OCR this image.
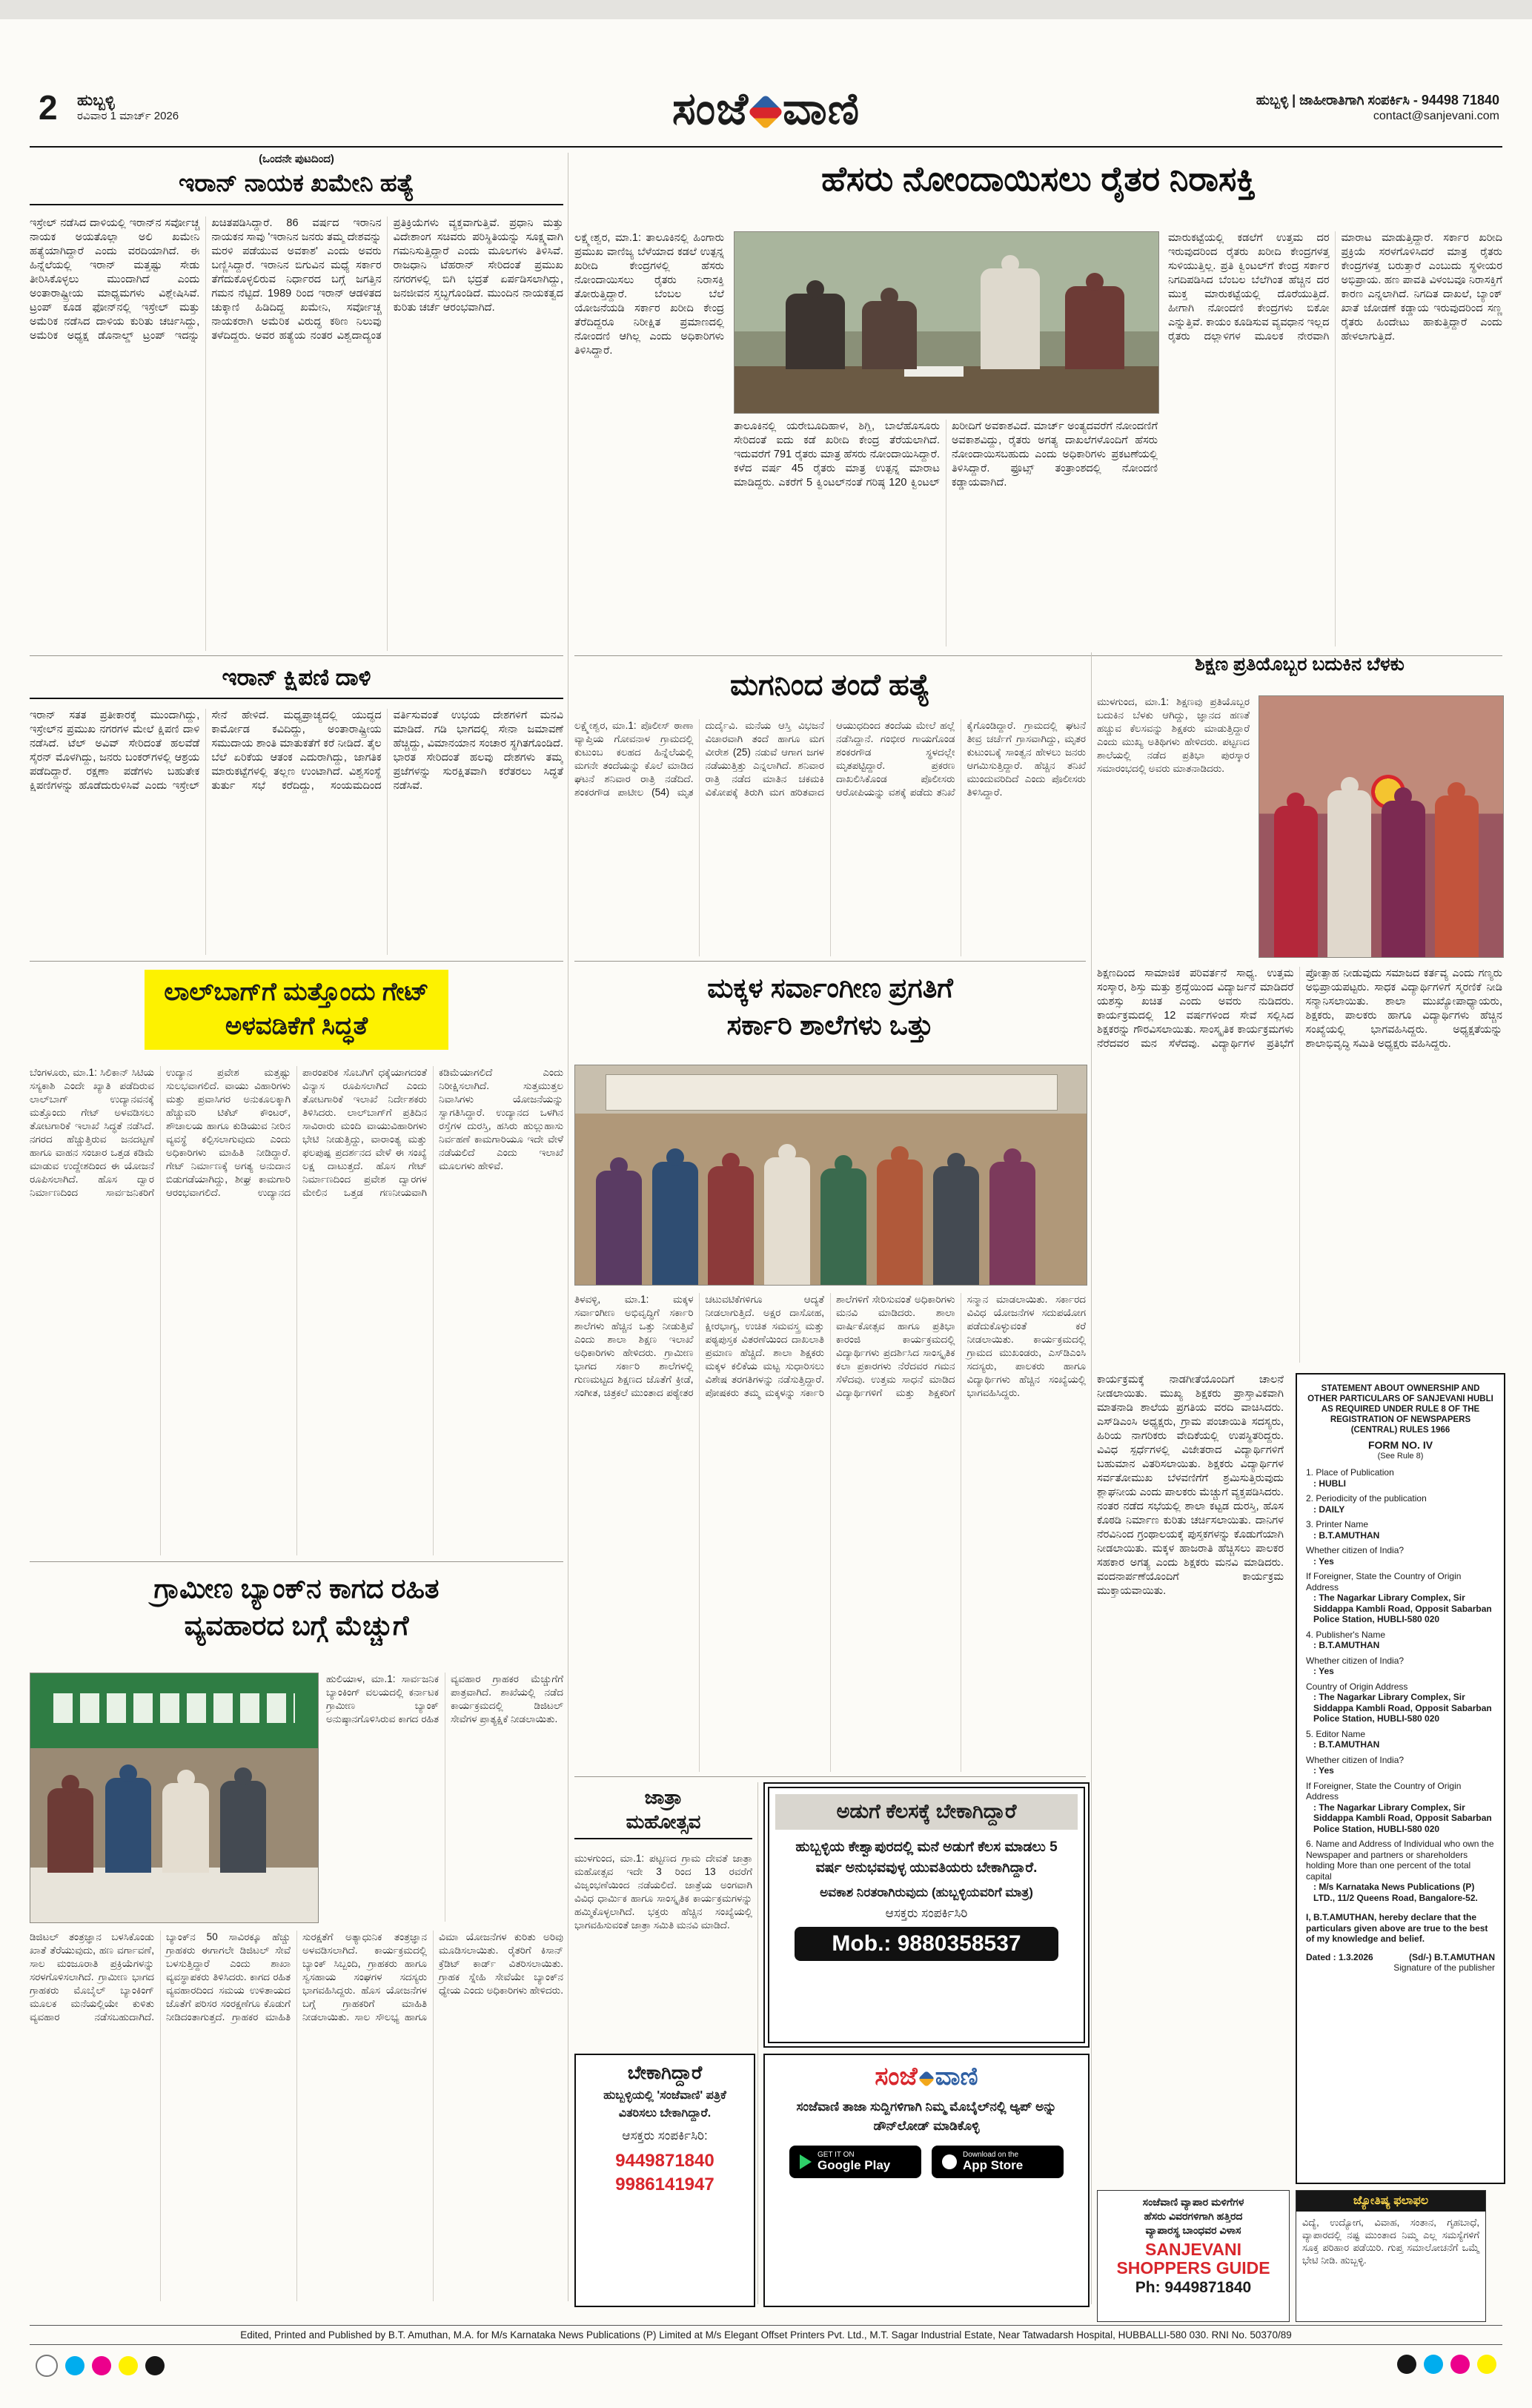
2 ಹುಬ್ಬಳ್ಳಿ
ರವಿವಾರ 1 ಮಾರ್ಚ್ 2026	ಸಂಜೆ ವಾಣಿ	ಹುಬ್ಬಳ್ಳಿ | ಜಾಹೀರಾತಿಗಾಗಿ ಸಂಪರ್ಕಿಸಿ - 94498 71840
contact@sanjevani.com
(ಒಂದನೇ ಪುಟದಿಂದ)
ಇರಾನ್ ನಾಯಕ ಖಮೇನಿ ಹತ್ಯೆ
ಇಸ್ರೇಲ್ ನಡೆಸಿದ ದಾಳಿಯಲ್ಲಿ ಇರಾನ್‌ನ ಸರ್ವೋಚ್ಚ ನಾಯಕ ಅಯತೊಲ್ಲಾ ಅಲಿ ಖಮೇನಿ ಹತ್ಯೆಯಾಗಿದ್ದಾರೆ ಎಂದು ವರದಿಯಾಗಿದೆ. ಈ ಹಿನ್ನೆಲೆಯಲ್ಲಿ ಇರಾನ್ ಮತ್ತಷ್ಟು ಸೇಡು ತೀರಿಸಿಕೊಳ್ಳಲು ಮುಂದಾಗಿದೆ ಎಂದು ಅಂತಾರಾಷ್ಟ್ರೀಯ ಮಾಧ್ಯಮಗಳು ವಿಶ್ಲೇಷಿಸಿವೆ. ಟ್ರಂಪ್ ಕೂಡ ಫೋನ್‌ನಲ್ಲಿ ಇಸ್ರೇಲ್ ಮತ್ತು ಅಮೆರಿಕ ನಡೆಸಿದ ದಾಳಿಯ ಕುರಿತು ಚರ್ಚಿಸಿದ್ದು, ಅಮೆರಿಕ ಅಧ್ಯಕ್ಷ ಡೊನಾಲ್ಡ್ ಟ್ರಂಪ್ ಇದನ್ನು ಖಚಿತಪಡಿಸಿದ್ದಾರೆ. 86 ವರ್ಷದ ಇರಾನಿನ ನಾಯಕನ ಸಾವು 'ಇರಾನಿನ ಜನರು ತಮ್ಮ ದೇಶವನ್ನು ಮರಳಿ ಪಡೆಯುವ ಅವಕಾಶ' ಎಂದು ಅವರು ಬಣ್ಣಿಸಿದ್ದಾರೆ. ಇರಾನಿನ ಬಿಗುವಿನ ಮಧ್ಯೆ ಸರ್ಕಾರ ತೆಗೆದುಕೊಳ್ಳಲಿರುವ ನಿರ್ಧಾರದ ಬಗ್ಗೆ ಜಗತ್ತಿನ ಗಮನ ನೆಟ್ಟಿದೆ. 1989 ರಿಂದ ಇರಾನ್ ಆಡಳಿತದ ಚುಕ್ಕಾಣಿ ಹಿಡಿದಿದ್ದ ಖಮೇನಿ, ಸರ್ವೋಚ್ಚ ನಾಯಕರಾಗಿ ಅಮೆರಿಕ ವಿರುದ್ಧ ಕಠಿಣ ನಿಲುವು ತಳೆದಿದ್ದರು. ಅವರ ಹತ್ಯೆಯ ನಂತರ ವಿಶ್ವದಾದ್ಯಂತ ಪ್ರತಿಕ್ರಿಯೆಗಳು ವ್ಯಕ್ತವಾಗುತ್ತಿವೆ. ಪ್ರಧಾನಿ ಮತ್ತು ವಿದೇಶಾಂಗ ಸಚಿವರು ಪರಿಸ್ಥಿತಿಯನ್ನು ಸೂಕ್ಷ್ಮವಾಗಿ ಗಮನಿಸುತ್ತಿದ್ದಾರೆ ಎಂದು ಮೂಲಗಳು ತಿಳಿಸಿವೆ. ರಾಜಧಾನಿ ಟೆಹರಾನ್ ಸೇರಿದಂತೆ ಪ್ರಮುಖ ನಗರಗಳಲ್ಲಿ ಬಿಗಿ ಭದ್ರತೆ ಏರ್ಪಡಿಸಲಾಗಿದ್ದು, ಜನಜೀವನ ಸ್ತಬ್ಧಗೊಂಡಿದೆ. ಮುಂದಿನ ನಾಯಕತ್ವದ ಕುರಿತು ಚರ್ಚೆ ಆರಂಭವಾಗಿದೆ.
ಹೆಸರು ನೋಂದಾಯಿಸಲು ರೈತರ ನಿರಾಸಕ್ತಿ
ಲಕ್ಷ್ಮೇಶ್ವರ, ಮಾ.1: ತಾಲೂಕಿನಲ್ಲಿ ಹಿಂಗಾರು ಪ್ರಮುಖ ವಾಣಿಜ್ಯ ಬೆಳೆಯಾದ ಕಡಲೆ ಉತ್ಪನ್ನ ಖರೀದಿ ಕೇಂದ್ರಗಳಲ್ಲಿ ಹೆಸರು ನೋಂದಾಯಿಸಲು ರೈತರು ನಿರಾಸಕ್ತಿ ತೋರುತ್ತಿದ್ದಾರೆ. ಬೆಂಬಲ ಬೆಲೆ ಯೋಜನೆಯಡಿ ಸರ್ಕಾರ ಖರೀದಿ ಕೇಂದ್ರ ತೆರೆದಿದ್ದರೂ ನಿರೀಕ್ಷಿತ ಪ್ರಮಾಣದಲ್ಲಿ ನೋಂದಣಿ ಆಗಿಲ್ಲ ಎಂದು ಅಧಿಕಾರಿಗಳು ತಿಳಿಸಿದ್ದಾರೆ.
ತಾಲೂಕಿನಲ್ಲಿ ಯರೇಬೂದಿಹಾಳ, ಶಿಗ್ಲಿ, ಬಾಲೆಹೊಸೂರು ಸೇರಿದಂತೆ ಐದು ಕಡೆ ಖರೀದಿ ಕೇಂದ್ರ ತೆರೆಯಲಾಗಿದೆ. ಇದುವರೆಗೆ 791 ರೈತರು ಮಾತ್ರ ಹೆಸರು ನೋಂದಾಯಿಸಿದ್ದಾರೆ. ಕಳೆದ ವರ್ಷ 45 ರೈತರು ಮಾತ್ರ ಉತ್ಪನ್ನ ಮಾರಾಟ ಮಾಡಿದ್ದರು. ಎಕರೆಗೆ 5 ಕ್ವಿಂಟಲ್‌ನಂತೆ ಗರಿಷ್ಠ 120 ಕ್ವಿಂಟಲ್ ಖರೀದಿಗೆ ಅವಕಾಶವಿದೆ. ಮಾರ್ಚ್ ಅಂತ್ಯದವರೆಗೆ ನೋಂದಣಿಗೆ ಅವಕಾಶವಿದ್ದು, ರೈತರು ಅಗತ್ಯ ದಾಖಲೆಗಳೊಂದಿಗೆ ಹೆಸರು ನೋಂದಾಯಿಸಬಹುದು ಎಂದು ಅಧಿಕಾರಿಗಳು ಪ್ರಕಟಣೆಯಲ್ಲಿ ತಿಳಿಸಿದ್ದಾರೆ. ಫ್ರೂಟ್ಸ್ ತಂತ್ರಾಂಶದಲ್ಲಿ ನೋಂದಣಿ ಕಡ್ಡಾಯವಾಗಿದೆ.
ಮಾರುಕಟ್ಟೆಯಲ್ಲಿ ಕಡಲೆಗೆ ಉತ್ತಮ ದರ ಇರುವುದರಿಂದ ರೈತರು ಖರೀದಿ ಕೇಂದ್ರಗಳತ್ತ ಸುಳಿಯುತ್ತಿಲ್ಲ. ಪ್ರತಿ ಕ್ವಿಂಟಲ್‌ಗೆ ಕೇಂದ್ರ ಸರ್ಕಾರ ನಿಗದಿಪಡಿಸಿದ ಬೆಂಬಲ ಬೆಲೆಗಿಂತ ಹೆಚ್ಚಿನ ದರ ಮುಕ್ತ ಮಾರುಕಟ್ಟೆಯಲ್ಲಿ ದೊರೆಯುತ್ತಿದೆ. ಹೀಗಾಗಿ ನೋಂದಣಿ ಕೇಂದ್ರಗಳು ಬಿಕೋ ಎನ್ನುತ್ತಿವೆ. ಕಾಯಂ ಕೂಡಿಸುವ ವ್ಯವಧಾನ ಇಲ್ಲದ ರೈತರು ದಲ್ಲಾಳಿಗಳ ಮೂಲಕ ನೇರವಾಗಿ ಮಾರಾಟ ಮಾಡುತ್ತಿದ್ದಾರೆ. ಸರ್ಕಾರ ಖರೀದಿ ಪ್ರಕ್ರಿಯೆ ಸರಳಗೊಳಿಸಿದರೆ ಮಾತ್ರ ರೈತರು ಕೇಂದ್ರಗಳತ್ತ ಬರುತ್ತಾರೆ ಎಂಬುದು ಸ್ಥಳೀಯರ ಅಭಿಪ್ರಾಯ. ಹಣ ಪಾವತಿ ವಿಳಂಬವೂ ನಿರಾಸಕ್ತಿಗೆ ಕಾರಣ ಎನ್ನಲಾಗಿದೆ. ನಿಗದಿತ ದಾಖಲೆ, ಬ್ಯಾಂಕ್ ಖಾತೆ ಜೋಡಣೆ ಕಡ್ಡಾಯ ಇರುವುದರಿಂದ ಸಣ್ಣ ರೈತರು ಹಿಂದೇಟು ಹಾಕುತ್ತಿದ್ದಾರೆ ಎಂದು ಹೇಳಲಾಗುತ್ತಿದೆ.
ಇರಾನ್ ಕ್ಷಿಪಣಿ ದಾಳಿ
ಇರಾನ್ ಸತತ ಪ್ರತೀಕಾರಕ್ಕೆ ಮುಂದಾಗಿದ್ದು, ಇಸ್ರೇಲ್‌ನ ಪ್ರಮುಖ ನಗರಗಳ ಮೇಲೆ ಕ್ಷಿಪಣಿ ದಾಳಿ ನಡೆಸಿದೆ. ಟೆಲ್ ಅವಿವ್ ಸೇರಿದಂತೆ ಹಲವೆಡೆ ಸೈರನ್ ಮೊಳಗಿದ್ದು, ಜನರು ಬಂಕರ್‌ಗಳಲ್ಲಿ ಆಶ್ರಯ ಪಡೆದಿದ್ದಾರೆ. ರಕ್ಷಣಾ ಪಡೆಗಳು ಬಹುತೇಕ ಕ್ಷಿಪಣಿಗಳನ್ನು ಹೊಡೆದುರುಳಿಸಿವೆ ಎಂದು ಇಸ್ರೇಲ್ ಸೇನೆ ಹೇಳಿದೆ. ಮಧ್ಯಪ್ರಾಚ್ಯದಲ್ಲಿ ಯುದ್ಧದ ಕಾರ್ಮೋಡ ಕವಿದಿದ್ದು, ಅಂತಾರಾಷ್ಟ್ರೀಯ ಸಮುದಾಯ ಶಾಂತಿ ಮಾತುಕತೆಗೆ ಕರೆ ನೀಡಿದೆ. ತೈಲ ಬೆಲೆ ಏರಿಕೆಯ ಆತಂಕ ಎದುರಾಗಿದ್ದು, ಜಾಗತಿಕ ಮಾರುಕಟ್ಟೆಗಳಲ್ಲಿ ತಲ್ಲಣ ಉಂಟಾಗಿದೆ. ವಿಶ್ವಸಂಸ್ಥೆ ತುರ್ತು ಸಭೆ ಕರೆದಿದ್ದು, ಸಂಯಮದಿಂದ ವರ್ತಿಸುವಂತೆ ಉಭಯ ದೇಶಗಳಿಗೆ ಮನವಿ ಮಾಡಿದೆ. ಗಡಿ ಭಾಗದಲ್ಲಿ ಸೇನಾ ಜಮಾವಣೆ ಹೆಚ್ಚಿದ್ದು, ವಿಮಾನಯಾನ ಸಂಚಾರ ಸ್ಥಗಿತಗೊಂಡಿದೆ. ಭಾರತ ಸೇರಿದಂತೆ ಹಲವು ದೇಶಗಳು ತಮ್ಮ ಪ್ರಜೆಗಳನ್ನು ಸುರಕ್ಷಿತವಾಗಿ ಕರೆತರಲು ಸಿದ್ಧತೆ ನಡೆಸಿವೆ.
ಮಗನಿಂದ ತಂದೆ ಹತ್ಯೆ
ಲಕ್ಷ್ಮೇಶ್ವರ, ಮಾ.1: ಪೊಲೀಸ್ ಠಾಣಾ ವ್ಯಾಪ್ತಿಯ ಗೋವನಾಳ ಗ್ರಾಮದಲ್ಲಿ ಕುಟುಂಬ ಕಲಹದ ಹಿನ್ನೆಲೆಯಲ್ಲಿ ಮಗನೇ ತಂದೆಯನ್ನು ಕೊಲೆ ಮಾಡಿದ ಘಟನೆ ಶನಿವಾರ ರಾತ್ರಿ ನಡೆದಿದೆ. ಶಂಕರಗೌಡ ಪಾಟೀಲ (54) ಮೃತ ದುರ್ದೈವಿ. ಮನೆಯ ಆಸ್ತಿ ವಿಭಜನೆ ವಿಚಾರವಾಗಿ ತಂದೆ ಹಾಗೂ ಮಗ ವೀರೇಶ (25) ನಡುವೆ ಆಗಾಗ ಜಗಳ ನಡೆಯುತ್ತಿತ್ತು ಎನ್ನಲಾಗಿದೆ. ಶನಿವಾರ ರಾತ್ರಿ ನಡೆದ ಮಾತಿನ ಚಕಮಕಿ ವಿಕೋಪಕ್ಕೆ ತಿರುಗಿ ಮಗ ಹರಿತವಾದ ಆಯುಧದಿಂದ ತಂದೆಯ ಮೇಲೆ ಹಲ್ಲೆ ನಡೆಸಿದ್ದಾನೆ. ಗಂಭೀರ ಗಾಯಗೊಂಡ ಶಂಕರಗೌಡ ಸ್ಥಳದಲ್ಲೇ ಮೃತಪಟ್ಟಿದ್ದಾರೆ. ಪ್ರಕರಣ ದಾಖಲಿಸಿಕೊಂಡ ಪೊಲೀಸರು ಆರೋಪಿಯನ್ನು ವಶಕ್ಕೆ ಪಡೆದು ತನಿಖೆ ಕೈಗೊಂಡಿದ್ದಾರೆ. ಗ್ರಾಮದಲ್ಲಿ ಘಟನೆ ತೀವ್ರ ಚರ್ಚೆಗೆ ಗ್ರಾಸವಾಗಿದ್ದು, ಮೃತರ ಕುಟುಂಬಕ್ಕೆ ಸಾಂತ್ವನ ಹೇಳಲು ಜನರು ಆಗಮಿಸುತ್ತಿದ್ದಾರೆ. ಹೆಚ್ಚಿನ ತನಿಖೆ ಮುಂದುವರಿದಿದೆ ಎಂದು ಪೊಲೀಸರು ತಿಳಿಸಿದ್ದಾರೆ.
ಶಿಕ್ಷಣ ಪ್ರತಿಯೊಬ್ಬರ ಬದುಕಿನ ಬೆಳಕು
ಮುಳಗುಂದ, ಮಾ.1: ಶಿಕ್ಷಣವು ಪ್ರತಿಯೊಬ್ಬರ ಬದುಕಿನ ಬೆಳಕು ಆಗಿದ್ದು, ಜ್ಞಾನದ ಹಣತೆ ಹಚ್ಚುವ ಕೆಲಸವನ್ನು ಶಿಕ್ಷಕರು ಮಾಡುತ್ತಿದ್ದಾರೆ ಎಂದು ಮುಖ್ಯ ಅತಿಥಿಗಳು ಹೇಳಿದರು. ಪಟ್ಟಣದ ಶಾಲೆಯಲ್ಲಿ ನಡೆದ ಪ್ರತಿಭಾ ಪುರಸ್ಕಾರ ಸಮಾರಂಭದಲ್ಲಿ ಅವರು ಮಾತನಾಡಿದರು.
ಶಿಕ್ಷಣದಿಂದ ಸಾಮಾಜಿಕ ಪರಿವರ್ತನೆ ಸಾಧ್ಯ. ಉತ್ತಮ ಸಂಸ್ಕಾರ, ಶಿಸ್ತು ಮತ್ತು ಶ್ರದ್ಧೆಯಿಂದ ವಿದ್ಯಾರ್ಜನೆ ಮಾಡಿದರೆ ಯಶಸ್ಸು ಖಚಿತ ಎಂದು ಅವರು ನುಡಿದರು. ಕಾರ್ಯಕ್ರಮದಲ್ಲಿ 12 ವರ್ಷಗಳಿಂದ ಸೇವೆ ಸಲ್ಲಿಸಿದ ಶಿಕ್ಷಕರನ್ನು ಗೌರವಿಸಲಾಯಿತು. ಸಾಂಸ್ಕೃತಿಕ ಕಾರ್ಯಕ್ರಮಗಳು ನೆರೆದವರ ಮನ ಸೆಳೆದವು. ವಿದ್ಯಾರ್ಥಿಗಳ ಪ್ರತಿಭೆಗೆ ಪ್ರೋತ್ಸಾಹ ನೀಡುವುದು ಸಮಾಜದ ಕರ್ತವ್ಯ ಎಂದು ಗಣ್ಯರು ಅಭಿಪ್ರಾಯಪಟ್ಟರು. ಸಾಧಕ ವಿದ್ಯಾರ್ಥಿಗಳಿಗೆ ಸ್ಮರಣಿಕೆ ನೀಡಿ ಸನ್ಮಾನಿಸಲಾಯಿತು. ಶಾಲಾ ಮುಖ್ಯೋಪಾಧ್ಯಾಯರು, ಶಿಕ್ಷಕರು, ಪಾಲಕರು ಹಾಗೂ ವಿದ್ಯಾರ್ಥಿಗಳು ಹೆಚ್ಚಿನ ಸಂಖ್ಯೆಯಲ್ಲಿ ಭಾಗವಹಿಸಿದ್ದರು. ಅಧ್ಯಕ್ಷತೆಯನ್ನು ಶಾಲಾಭಿವೃದ್ಧಿ ಸಮಿತಿ ಅಧ್ಯಕ್ಷರು ವಹಿಸಿದ್ದರು.
ಕಾರ್ಯಕ್ರಮಕ್ಕೆ ನಾಡಗೀತೆಯೊಂದಿಗೆ ಚಾಲನೆ ನೀಡಲಾಯಿತು. ಮುಖ್ಯ ಶಿಕ್ಷಕರು ಪ್ರಾಸ್ತಾವಿಕವಾಗಿ ಮಾತನಾಡಿ ಶಾಲೆಯ ಪ್ರಗತಿಯ ವರದಿ ವಾಚಿಸಿದರು. ಎಸ್‌ಡಿಎಂಸಿ ಅಧ್ಯಕ್ಷರು, ಗ್ರಾಮ ಪಂಚಾಯಿತಿ ಸದಸ್ಯರು, ಹಿರಿಯ ನಾಗರಿಕರು ವೇದಿಕೆಯಲ್ಲಿ ಉಪಸ್ಥಿತರಿದ್ದರು. ವಿವಿಧ ಸ್ಪರ್ಧೆಗಳಲ್ಲಿ ವಿಜೇತರಾದ ವಿದ್ಯಾರ್ಥಿಗಳಿಗೆ ಬಹುಮಾನ ವಿತರಿಸಲಾಯಿತು. ಶಿಕ್ಷಕರು ವಿದ್ಯಾರ್ಥಿಗಳ ಸರ್ವತೋಮುಖ ಬೆಳವಣಿಗೆಗೆ ಶ್ರಮಿಸುತ್ತಿರುವುದು ಶ್ಲಾಘನೀಯ ಎಂದು ಪಾಲಕರು ಮೆಚ್ಚುಗೆ ವ್ಯಕ್ತಪಡಿಸಿದರು. ನಂತರ ನಡೆದ ಸಭೆಯಲ್ಲಿ ಶಾಲಾ ಕಟ್ಟಡ ದುರಸ್ತಿ, ಹೊಸ ಕೊಠಡಿ ನಿರ್ಮಾಣ ಕುರಿತು ಚರ್ಚಿಸಲಾಯಿತು. ದಾನಿಗಳ ನೆರವಿನಿಂದ ಗ್ರಂಥಾಲಯಕ್ಕೆ ಪುಸ್ತಕಗಳನ್ನು ಕೊಡುಗೆಯಾಗಿ ನೀಡಲಾಯಿತು. ಮಕ್ಕಳ ಹಾಜರಾತಿ ಹೆಚ್ಚಿಸಲು ಪಾಲಕರ ಸಹಕಾರ ಅಗತ್ಯ ಎಂದು ಶಿಕ್ಷಕರು ಮನವಿ ಮಾಡಿದರು. ವಂದನಾರ್ಪಣೆಯೊಂದಿಗೆ ಕಾರ್ಯಕ್ರಮ ಮುಕ್ತಾಯವಾಯಿತು.
STATEMENT ABOUT OWNERSHIP AND OTHER PARTICULARS OF SANJEVANI HUBLI AS REQUIRED UNDER RULE 8 OF THE REGISTRATION OF NEWSPAPERS (CENTRAL) RULES 1966
FORM NO. IV
(See Rule 8)
1. Place of Publication
: HUBLI
2. Periodicity of the publication
: DAILY
3. Printer Name
: B.T.AMUTHAN
Whether citizen of India?
: Yes
If Foreigner, State the Country of Origin Address
: The Nagarkar Library Complex, Sir Siddappa Kambli Road, Opposit Sabarban Police Station, HUBLI-580 020
4. Publisher's Name
: B.T.AMUTHAN
Whether citizen of India?
: Yes
Country of Origin Address
: The Nagarkar Library Complex, Sir Siddappa Kambli Road, Opposit Sabarban Police Station, HUBLI-580 020
5. Editor Name
: B.T.AMUTHAN
Whether citizen of India?
: Yes
If Foreigner, State the Country of Origin Address
: The Nagarkar Library Complex, Sir Siddappa Kambli Road, Opposit Sabarban Police Station, HUBLI-580 020
6. Name and Address of Individual who own the Newspaper and partners or shareholders holding More than one percent of the total capital
: M/s Karnataka News Publications (P) LTD., 11/2 Queens Road, Bangalore-52.
I, B.T.AMUTHAN, hereby declare that the particulars given above are true to the best of my knowledge and belief.
Dated : 1.3.2026	(Sd/-) B.T.AMUTHAN
Signature of the publisher
ಲಾಲ್‌ಬಾಗ್‌ಗೆ ಮತ್ತೊಂದು ಗೇಟ್
ಅಳವಡಿಕೆಗೆ ಸಿದ್ಧತೆ
ಬೆಂಗಳೂರು, ಮಾ.1: ಸಿಲಿಕಾನ್ ಸಿಟಿಯ ಸಸ್ಯಕಾಶಿ ಎಂದೇ ಖ್ಯಾತಿ ಪಡೆದಿರುವ ಲಾಲ್‌ಬಾಗ್ ಉದ್ಯಾನವನಕ್ಕೆ ಮತ್ತೊಂದು ಗೇಟ್ ಅಳವಡಿಸಲು ತೋಟಗಾರಿಕೆ ಇಲಾಖೆ ಸಿದ್ಧತೆ ನಡೆಸಿದೆ. ನಗರದ ಹೆಚ್ಚುತ್ತಿರುವ ಜನದಟ್ಟಣೆ ಹಾಗೂ ವಾಹನ ಸಂಚಾರ ಒತ್ತಡ ಕಡಿಮೆ ಮಾಡುವ ಉದ್ದೇಶದಿಂದ ಈ ಯೋಜನೆ ರೂಪಿಸಲಾಗಿದೆ. ಹೊಸ ದ್ವಾರ ನಿರ್ಮಾಣದಿಂದ ಸಾರ್ವಜನಿಕರಿಗೆ ಉದ್ಯಾನ ಪ್ರವೇಶ ಮತ್ತಷ್ಟು ಸುಲಭವಾಗಲಿದೆ. ವಾಯು ವಿಹಾರಿಗಳು ಮತ್ತು ಪ್ರವಾಸಿಗರ ಅನುಕೂಲಕ್ಕಾಗಿ ಹೆಚ್ಚುವರಿ ಟಿಕೆಟ್ ಕೌಂಟರ್, ಶೌಚಾಲಯ ಹಾಗೂ ಕುಡಿಯುವ ನೀರಿನ ವ್ಯವಸ್ಥೆ ಕಲ್ಪಿಸಲಾಗುವುದು ಎಂದು ಅಧಿಕಾರಿಗಳು ಮಾಹಿತಿ ನೀಡಿದ್ದಾರೆ. ಗೇಟ್ ನಿರ್ಮಾಣಕ್ಕೆ ಅಗತ್ಯ ಅನುದಾನ ಬಿಡುಗಡೆಯಾಗಿದ್ದು, ಶೀಘ್ರ ಕಾಮಗಾರಿ ಆರಂಭವಾಗಲಿದೆ. ಉದ್ಯಾನದ ಪಾರಂಪರಿಕ ಸೊಬಗಿಗೆ ಧಕ್ಕೆಯಾಗದಂತೆ ವಿನ್ಯಾಸ ರೂಪಿಸಲಾಗಿದೆ ಎಂದು ತೋಟಗಾರಿಕೆ ಇಲಾಖೆ ನಿರ್ದೇಶಕರು ತಿಳಿಸಿದರು. ಲಾಲ್‌ಬಾಗ್‌ಗೆ ಪ್ರತಿದಿನ ಸಾವಿರಾರು ಮಂದಿ ವಾಯುವಿಹಾರಿಗಳು ಭೇಟಿ ನೀಡುತ್ತಿದ್ದು, ವಾರಾಂತ್ಯ ಮತ್ತು ಫಲಪುಷ್ಪ ಪ್ರದರ್ಶನದ ವೇಳೆ ಈ ಸಂಖ್ಯೆ ಲಕ್ಷ ದಾಟುತ್ತದೆ. ಹೊಸ ಗೇಟ್ ನಿರ್ಮಾಣದಿಂದ ಪ್ರವೇಶ ದ್ವಾರಗಳ ಮೇಲಿನ ಒತ್ತಡ ಗಣನೀಯವಾಗಿ ಕಡಿಮೆಯಾಗಲಿದೆ ಎಂದು ನಿರೀಕ್ಷಿಸಲಾಗಿದೆ. ಸುತ್ತಮುತ್ತಲ ನಿವಾಸಿಗಳು ಯೋಜನೆಯನ್ನು ಸ್ವಾಗತಿಸಿದ್ದಾರೆ. ಉದ್ಯಾನದ ಒಳಗಿನ ರಸ್ತೆಗಳ ದುರಸ್ತಿ, ಹಸಿರು ಹುಲ್ಲುಹಾಸು ನಿರ್ವಹಣೆ ಕಾಮಗಾರಿಯೂ ಇದೇ ವೇಳೆ ನಡೆಯಲಿದೆ ಎಂದು ಇಲಾಖೆ ಮೂಲಗಳು ಹೇಳಿವೆ.
ಮಕ್ಕಳ ಸರ್ವಾಂಗೀಣ ಪ್ರಗತಿಗೆ
ಸರ್ಕಾರಿ ಶಾಲೆಗಳು ಒತ್ತು
ತಿಳವಳ್ಳಿ, ಮಾ.1: ಮಕ್ಕಳ ಸರ್ವಾಂಗೀಣ ಅಭಿವೃದ್ಧಿಗೆ ಸರ್ಕಾರಿ ಶಾಲೆಗಳು ಹೆಚ್ಚಿನ ಒತ್ತು ನೀಡುತ್ತಿವೆ ಎಂದು ಶಾಲಾ ಶಿಕ್ಷಣ ಇಲಾಖೆ ಅಧಿಕಾರಿಗಳು ಹೇಳಿದರು. ಗ್ರಾಮೀಣ ಭಾಗದ ಸರ್ಕಾರಿ ಶಾಲೆಗಳಲ್ಲಿ ಗುಣಮಟ್ಟದ ಶಿಕ್ಷಣದ ಜೊತೆಗೆ ಕ್ರೀಡೆ, ಸಂಗೀತ, ಚಿತ್ರಕಲೆ ಮುಂತಾದ ಪಠ್ಯೇತರ ಚಟುವಟಿಕೆಗಳಿಗೂ ಆದ್ಯತೆ ನೀಡಲಾಗುತ್ತಿದೆ. ಅಕ್ಷರ ದಾಸೋಹ, ಕ್ಷೀರಭಾಗ್ಯ, ಉಚಿತ ಸಮವಸ್ತ್ರ ಮತ್ತು ಪಠ್ಯಪುಸ್ತಕ ವಿತರಣೆಯಿಂದ ದಾಖಲಾತಿ ಪ್ರಮಾಣ ಹೆಚ್ಚಿದೆ. ಶಾಲಾ ಶಿಕ್ಷಕರು ಮಕ್ಕಳ ಕಲಿಕೆಯ ಮಟ್ಟ ಸುಧಾರಿಸಲು ವಿಶೇಷ ತರಗತಿಗಳನ್ನು ನಡೆಸುತ್ತಿದ್ದಾರೆ. ಪೋಷಕರು ತಮ್ಮ ಮಕ್ಕಳನ್ನು ಸರ್ಕಾರಿ ಶಾಲೆಗಳಿಗೆ ಸೇರಿಸುವಂತೆ ಅಧಿಕಾರಿಗಳು ಮನವಿ ಮಾಡಿದರು. ಶಾಲಾ ವಾರ್ಷಿಕೋತ್ಸವ ಹಾಗೂ ಪ್ರತಿಭಾ ಕಾರಂಜಿ ಕಾರ್ಯಕ್ರಮದಲ್ಲಿ ವಿದ್ಯಾರ್ಥಿಗಳು ಪ್ರದರ್ಶಿಸಿದ ಸಾಂಸ್ಕೃತಿಕ ಕಲಾ ಪ್ರಕಾರಗಳು ನೆರೆದವರ ಗಮನ ಸೆಳೆದವು. ಉತ್ತಮ ಸಾಧನೆ ಮಾಡಿದ ವಿದ್ಯಾರ್ಥಿಗಳಿಗೆ ಮತ್ತು ಶಿಕ್ಷಕರಿಗೆ ಸನ್ಮಾನ ಮಾಡಲಾಯಿತು. ಸರ್ಕಾರದ ವಿವಿಧ ಯೋಜನೆಗಳ ಸದುಪಯೋಗ ಪಡೆದುಕೊಳ್ಳುವಂತೆ ಕರೆ ನೀಡಲಾಯಿತು. ಕಾರ್ಯಕ್ರಮದಲ್ಲಿ ಗ್ರಾಮದ ಮುಖಂಡರು, ಎಸ್‌ಡಿಎಂಸಿ ಸದಸ್ಯರು, ಪಾಲಕರು ಹಾಗೂ ವಿದ್ಯಾರ್ಥಿಗಳು ಹೆಚ್ಚಿನ ಸಂಖ್ಯೆಯಲ್ಲಿ ಭಾಗವಹಿಸಿದ್ದರು.
ಗ್ರಾಮೀಣ ಬ್ಯಾಂಕ್‌ನ ಕಾಗದ ರಹಿತ
ವ್ಯವಹಾರದ ಬಗ್ಗೆ ಮೆಚ್ಚುಗೆ
ಹುಲಿಯಾಳ, ಮಾ.1: ಸಾರ್ವಜನಿಕ ಬ್ಯಾಂಕಿಂಗ್ ವಲಯದಲ್ಲಿ ಕರ್ನಾಟಕ ಗ್ರಾಮೀಣ ಬ್ಯಾಂಕ್ ಅನುಷ್ಠಾನಗೊಳಿಸಿರುವ ಕಾಗದ ರಹಿತ ವ್ಯವಹಾರ ಗ್ರಾಹಕರ ಮೆಚ್ಚುಗೆಗೆ ಪಾತ್ರವಾಗಿದೆ. ಶಾಖೆಯಲ್ಲಿ ನಡೆದ ಕಾರ್ಯಕ್ರಮದಲ್ಲಿ ಡಿಜಿಟಲ್ ಸೇವೆಗಳ ಪ್ರಾತ್ಯಕ್ಷಿಕೆ ನೀಡಲಾಯಿತು.
ಡಿಜಿಟಲ್ ತಂತ್ರಜ್ಞಾನ ಬಳಸಿಕೊಂಡು ಖಾತೆ ತೆರೆಯುವುದು, ಹಣ ವರ್ಗಾವಣೆ, ಸಾಲ ಮಂಜೂರಾತಿ ಪ್ರಕ್ರಿಯೆಗಳನ್ನು ಸರಳಗೊಳಿಸಲಾಗಿದೆ. ಗ್ರಾಮೀಣ ಭಾಗದ ಗ್ರಾಹಕರು ಮೊಬೈಲ್ ಬ್ಯಾಂಕಿಂಗ್ ಮೂಲಕ ಮನೆಯಲ್ಲಿಯೇ ಕುಳಿತು ವ್ಯವಹಾರ ನಡೆಸಬಹುದಾಗಿದೆ. ಬ್ಯಾಂಕ್‌ನ 50 ಸಾವಿರಕ್ಕೂ ಹೆಚ್ಚು ಗ್ರಾಹಕರು ಈಗಾಗಲೇ ಡಿಜಿಟಲ್ ಸೇವೆ ಬಳಸುತ್ತಿದ್ದಾರೆ ಎಂದು ಶಾಖಾ ವ್ಯವಸ್ಥಾಪಕರು ತಿಳಿಸಿದರು. ಕಾಗದ ರಹಿತ ವ್ಯವಹಾರದಿಂದ ಸಮಯ ಉಳಿತಾಯದ ಜೊತೆಗೆ ಪರಿಸರ ಸಂರಕ್ಷಣೆಗೂ ಕೊಡುಗೆ ನೀಡಿದಂತಾಗುತ್ತದೆ. ಗ್ರಾಹಕರ ಮಾಹಿತಿ ಸುರಕ್ಷತೆಗೆ ಅತ್ಯಾಧುನಿಕ ತಂತ್ರಜ್ಞಾನ ಅಳವಡಿಸಲಾಗಿದೆ. ಕಾರ್ಯಕ್ರಮದಲ್ಲಿ ಬ್ಯಾಂಕ್ ಸಿಬ್ಬಂದಿ, ಗ್ರಾಹಕರು ಹಾಗೂ ಸ್ವಸಹಾಯ ಸಂಘಗಳ ಸದಸ್ಯರು ಭಾಗವಹಿಸಿದ್ದರು. ಹೊಸ ಯೋಜನೆಗಳ ಬಗ್ಗೆ ಗ್ರಾಹಕರಿಗೆ ಮಾಹಿತಿ ನೀಡಲಾಯಿತು. ಸಾಲ ಸೌಲಭ್ಯ ಹಾಗೂ ವಿಮಾ ಯೋಜನೆಗಳ ಕುರಿತು ಅರಿವು ಮೂಡಿಸಲಾಯಿತು. ರೈತರಿಗೆ ಕಿಸಾನ್ ಕ್ರೆಡಿಟ್ ಕಾರ್ಡ್ ವಿತರಿಸಲಾಯಿತು. ಗ್ರಾಹಕ ಸ್ನೇಹಿ ಸೇವೆಯೇ ಬ್ಯಾಂಕ್‌ನ ಧ್ಯೇಯ ಎಂದು ಅಧಿಕಾರಿಗಳು ಹೇಳಿದರು.
ಜಾತ್ರಾ
ಮಹೋತ್ಸವ
ಮುಳಗುಂದ, ಮಾ.1: ಪಟ್ಟಣದ ಗ್ರಾಮ ದೇವತೆ ಜಾತ್ರಾ ಮಹೋತ್ಸವ ಇದೇ 3 ರಿಂದ 13 ರವರೆಗೆ ವಿಜೃಂಭಣೆಯಿಂದ ನಡೆಯಲಿದೆ. ಜಾತ್ರೆಯ ಅಂಗವಾಗಿ ವಿವಿಧ ಧಾರ್ಮಿಕ ಹಾಗೂ ಸಾಂಸ್ಕೃತಿಕ ಕಾರ್ಯಕ್ರಮಗಳನ್ನು ಹಮ್ಮಿಕೊಳ್ಳಲಾಗಿದೆ. ಭಕ್ತರು ಹೆಚ್ಚಿನ ಸಂಖ್ಯೆಯಲ್ಲಿ ಭಾಗವಹಿಸುವಂತೆ ಜಾತ್ರಾ ಸಮಿತಿ ಮನವಿ ಮಾಡಿದೆ.
ಅಡುಗೆ ಕೆಲಸಕ್ಕೆ ಬೇಕಾಗಿದ್ದಾರೆ
ಹುಬ್ಬಳ್ಳಿಯ ಕೇಶ್ವಾಪುರದಲ್ಲಿ ಮನೆ ಅಡುಗೆ ಕೆಲಸ ಮಾಡಲು 5 ವರ್ಷ ಅನುಭವವುಳ್ಳ ಯುವತಿಯರು ಬೇಕಾಗಿದ್ದಾರೆ.
ಅವಕಾಶ ನಿರತರಾಗಿರುವುದು (ಹುಬ್ಬಳ್ಳಿಯವರಿಗೆ ಮಾತ್ರ)
ಆಸಕ್ತರು ಸಂಪರ್ಕಿಸಿರಿ
Mob.: 9880358537
ಬೇಕಾಗಿದ್ದಾರೆ
ಹುಬ್ಬಳ್ಳಿಯಲ್ಲಿ 'ಸಂಜೆವಾಣಿ' ಪತ್ರಿಕೆ ವಿತರಿಸಲು ಬೇಕಾಗಿದ್ದಾರೆ.
ಆಸಕ್ತರು ಸಂಪರ್ಕಿಸಿರಿ:
9449871840
9986141947
ಸಂಜೆ ವಾಣಿ
ಸಂಜೆವಾಣಿ ತಾಜಾ ಸುದ್ದಿಗಳಿಗಾಗಿ ನಿಮ್ಮ ಮೊಬೈಲ್‌ನಲ್ಲಿ ಆ್ಯಪ್ ಅನ್ನು ಡೌನ್‌ಲೋಡ್ ಮಾಡಿಕೊಳ್ಳಿ
GET IT ON
Google Play
Download on the
App Store
ಸಂಜೆವಾಣಿ ವ್ಯಾಪಾರ ಮಳಿಗೆಗಳ
ಹೆಸರು ವಿವರಗಳಿಗಾಗಿ ಹತ್ತಿರದ
ವ್ಯಾಪಾರಸ್ಥ ಬಾಂಧವರ ವಿಳಾಸ
SANJEVANI SHOPPERS GUIDE
Ph: 9449871840
ಜ್ಯೋತಿಷ್ಯ ಫಲಾಫಲ
ವಿದ್ಯೆ, ಉದ್ಯೋಗ, ವಿವಾಹ, ಸಂತಾನ, ಗೃಹಬಾಧೆ, ವ್ಯಾಪಾರದಲ್ಲಿ ನಷ್ಟ ಮುಂತಾದ ನಿಮ್ಮ ಎಲ್ಲ ಸಮಸ್ಯೆಗಳಿಗೆ ಸೂಕ್ತ ಪರಿಹಾರ ಪಡೆಯಿರಿ. ಗುಪ್ತ ಸಮಾಲೋಚನೆಗೆ ಒಮ್ಮೆ ಭೇಟಿ ನೀಡಿ. ಹುಬ್ಬಳ್ಳಿ.
Edited, Printed and Published by B.T. Amuthan, M.A. for M/s Karnataka News Publications (P) Limited at M/s Elegant Offset Printers Pvt. Ltd., M.T. Sagar Industrial Estate, Near Tatwadarsh Hospital, HUBBALLI-580 030. RNI No. 50370/89
